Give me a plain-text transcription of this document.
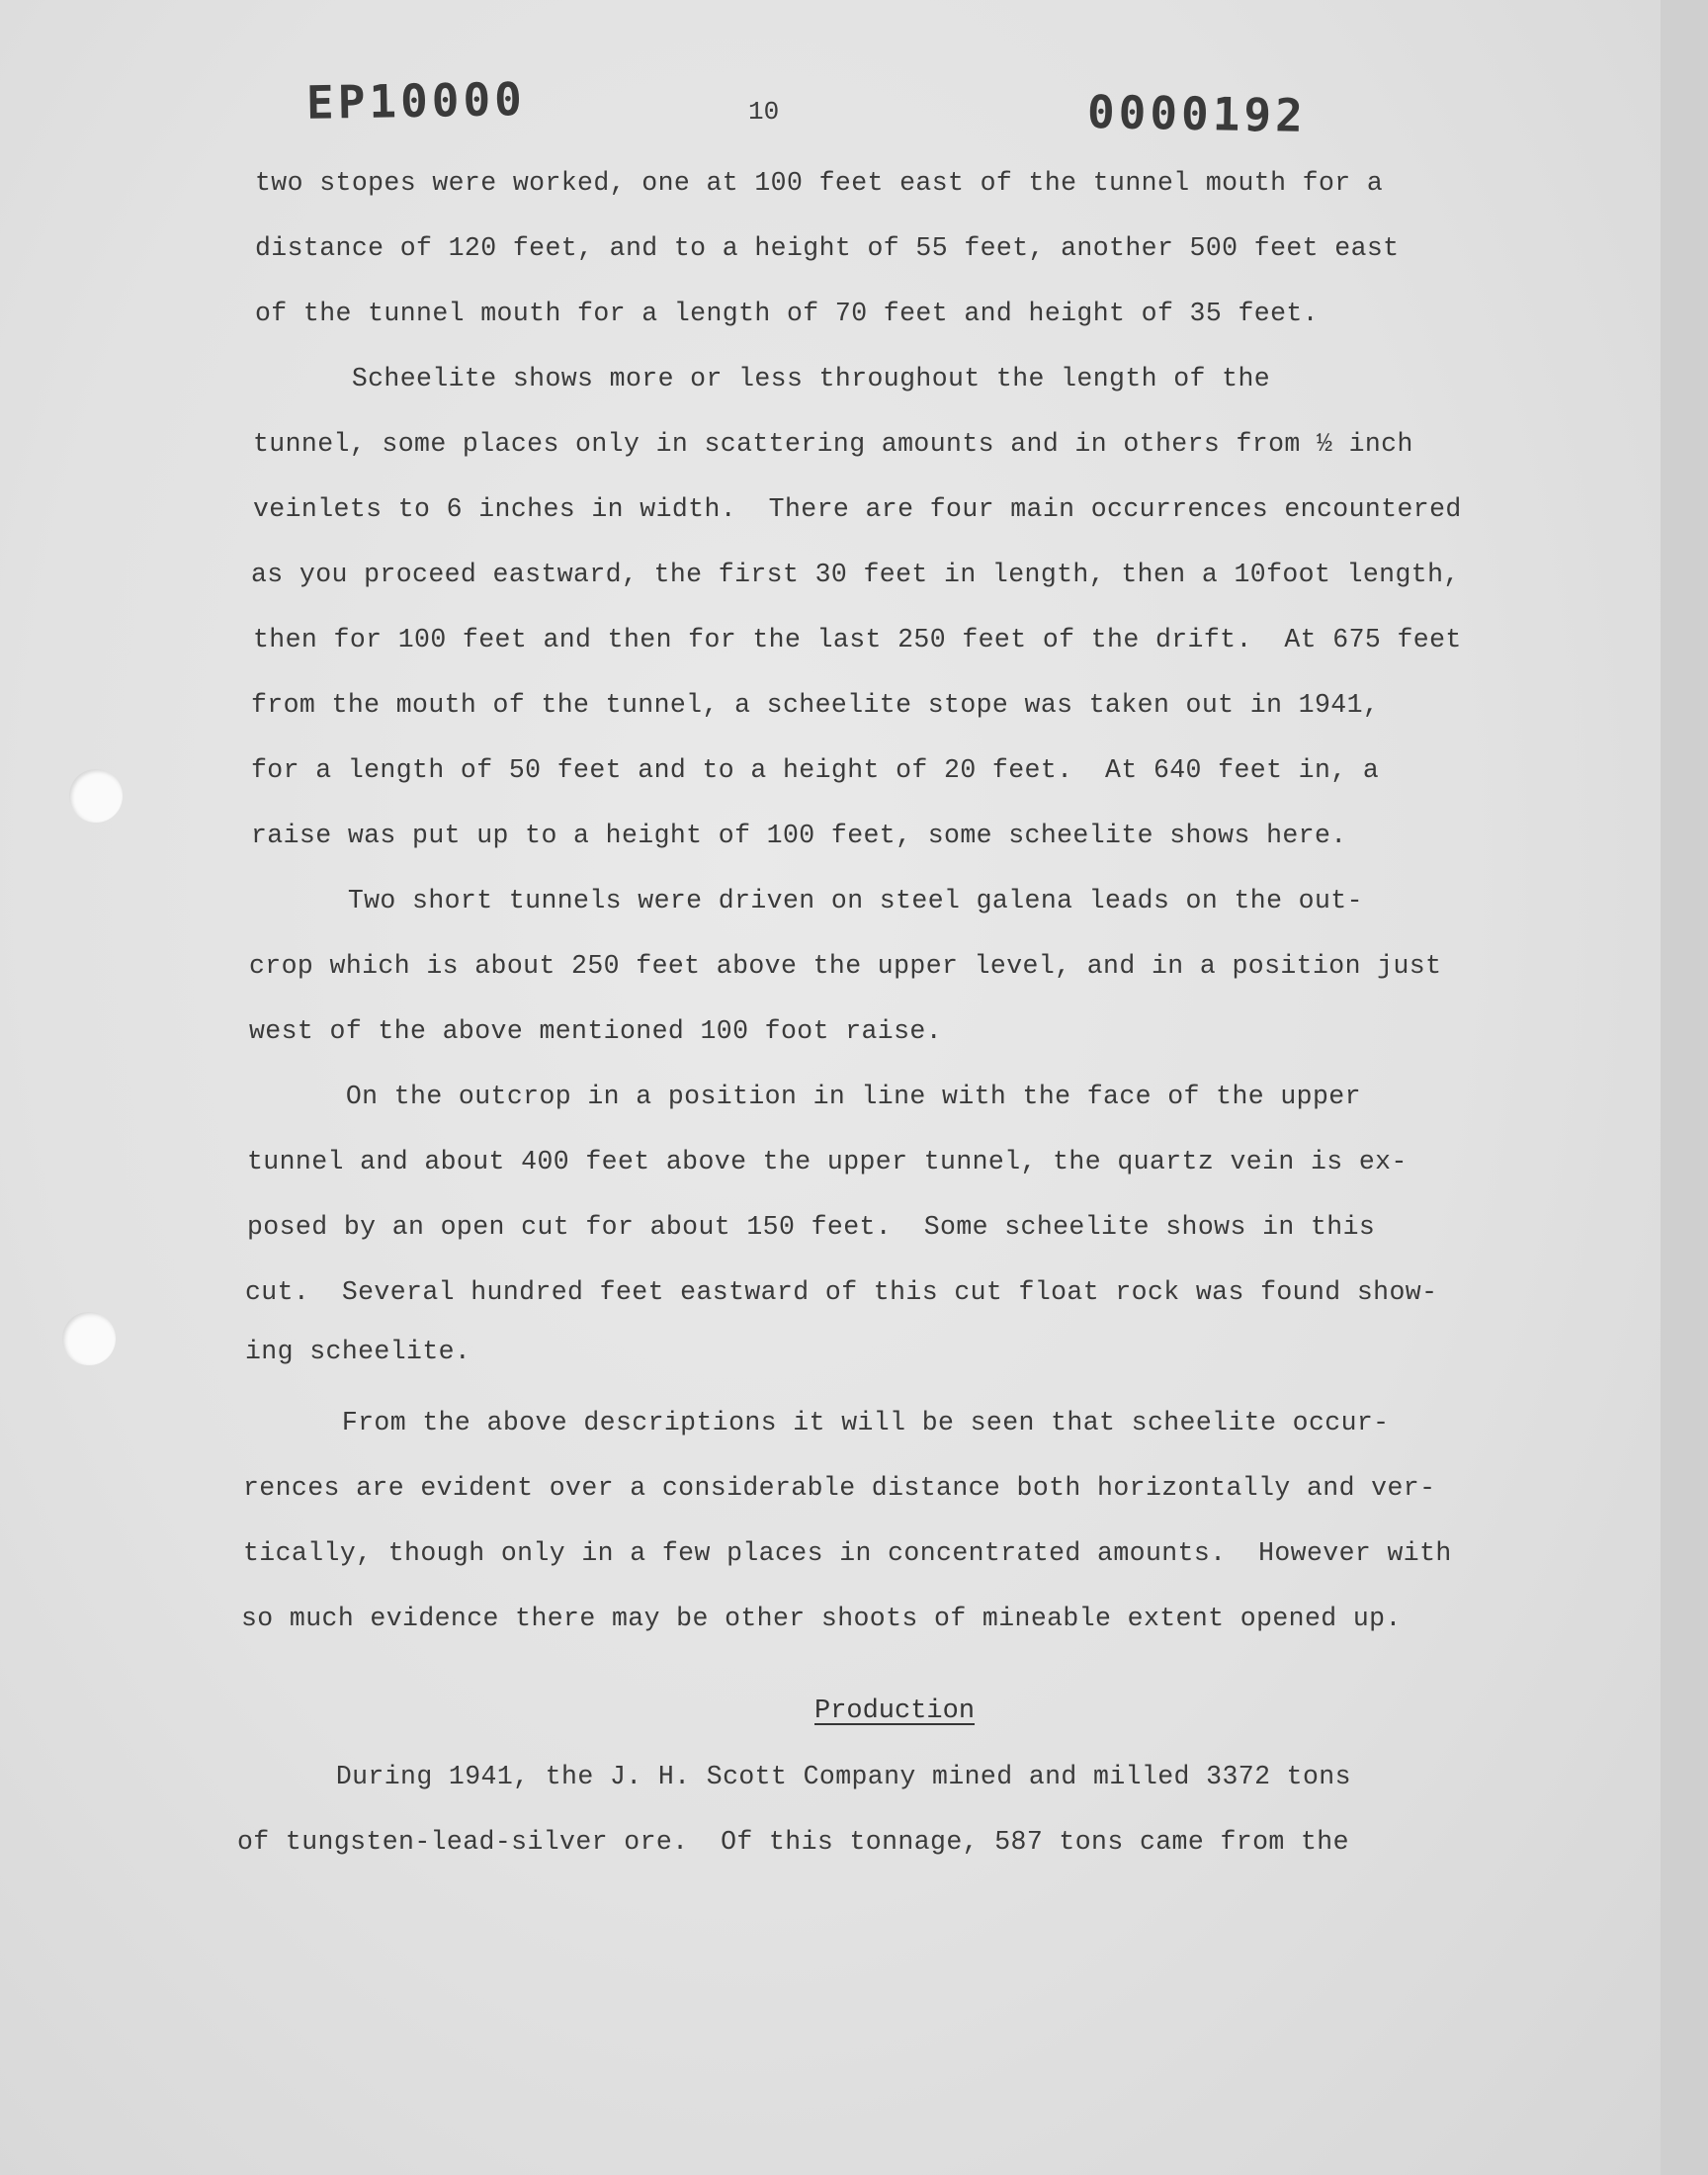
EP10000	10	0000192
two stopes were worked, one at 100 feet east of the tunnel mouth for a
distance of 120 feet, and to a height of 55 feet, another 500 feet east
of the tunnel mouth for a length of 70 feet and height of 35 feet.
Scheelite shows more or less throughout the length of the
tunnel, some places only in scattering amounts and in others from ½ inch
veinlets to 6 inches in width.  There are four main occurrences encountered
as you proceed eastward, the first 30 feet in length, then a 10foot length,
then for 100 feet and then for the last 250 feet of the drift.  At 675 feet
from the mouth of the tunnel, a scheelite stope was taken out in 1941,
for a length of 50 feet and to a height of 20 feet.  At 640 feet in, a
raise was put up to a height of 100 feet, some scheelite shows here.
Two short tunnels were driven on steel galena leads on the out-
crop which is about 250 feet above the upper level, and in a position just
west of the above mentioned 100 foot raise.
On the outcrop in a position in line with the face of the upper
tunnel and about 400 feet above the upper tunnel, the quartz vein is ex-
posed by an open cut for about 150 feet.  Some scheelite shows in this
cut.  Several hundred feet eastward of this cut float rock was found show-
ing scheelite.
From the above descriptions it will be seen that scheelite occur-
rences are evident over a considerable distance both horizontally and ver-
tically, though only in a few places in concentrated amounts.  However with
so much evidence there may be other shoots of mineable extent opened up.
Production
During 1941, the J. H. Scott Company mined and milled 3372 tons
of tungsten-lead-silver ore.  Of this tonnage, 587 tons came from the
